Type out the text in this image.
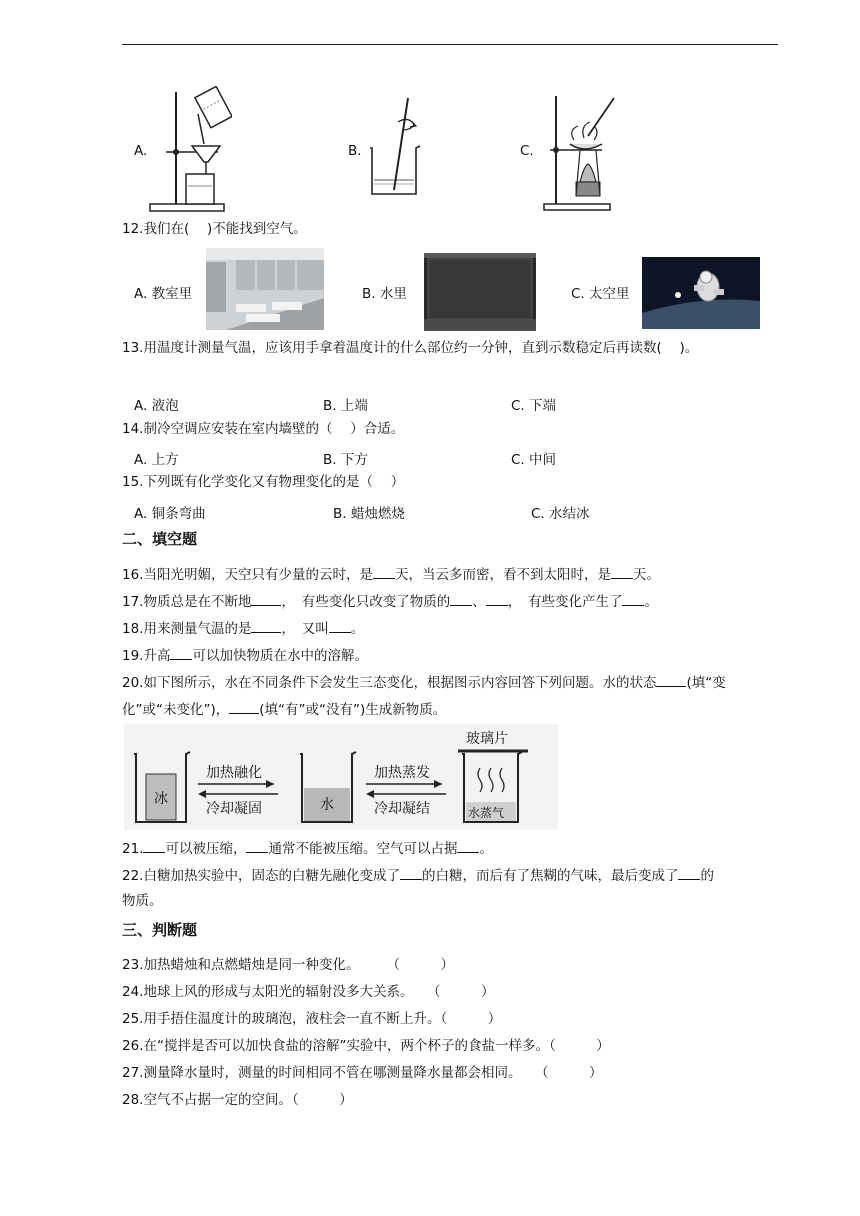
A.	B.	C.
12.我们在(　 )不能找到空气。
A. 教室里	B. 水里	C. 太空里
13.用温度计测量气温，应该用手拿着温度计的什么部位约一分钟，直到示数稳定后再读数(　 )。
A. 液泡	B. 上端	C. 下端
14.制冷空调应安装在室内墙壁的（　 ）合适。
A. 上方	B. 下方	C. 中间
15.下列既有化学变化又有物理变化的是（　 ）
A. 铜条弯曲	B. 蜡烛燃烧	C. 水结冰
二、填空题
16.当阳光明媚，天空只有少量的云时，是 天，当云多而密，看不到太阳时，是 天。
17.物质总是在不断地 ，　有些变化只改变了物质的 、 ，　有些变化产生了 。
18.用来测量气温的是 ，　又叫 。
19.升高 可以加快物质在水中的溶解。
20.如下图所示，水在不同条件下会发生三态变化，根据图示内容回答下列问题。水的状态 (填“变
化”或“未变化”)， (填“有”或“没有”)生成新物质。
冰	水	水蒸气
玻璃片
加热融化
冷却凝固
加热蒸发
冷却凝结
21. 可以被压缩， 通常不能被压缩。空气可以占据 。
22.白糖加热实验中，固态的白糖先融化变成了 的白糖，而后有了焦糊的气味，最后变成了 的
物质。
三、判断题
23.加热蜡烛和点燃蜡烛是同一种变化。　　　（　　　）
24.地球上风的形成与太阳光的辐射没多大关系。　　（　　　）
25.用手捂住温度计的玻璃泡，液柱会一直不断上升。（　　　）
26.在“搅拌是否可以加快食盐的溶解”实验中，两个杯子的食盐一样多。（　　　）
27.测量降水量时，测量的时间相同不管在哪测量降水量都会相同。　　（　　　）
28.空气不占据一定的空间。（　　　）
